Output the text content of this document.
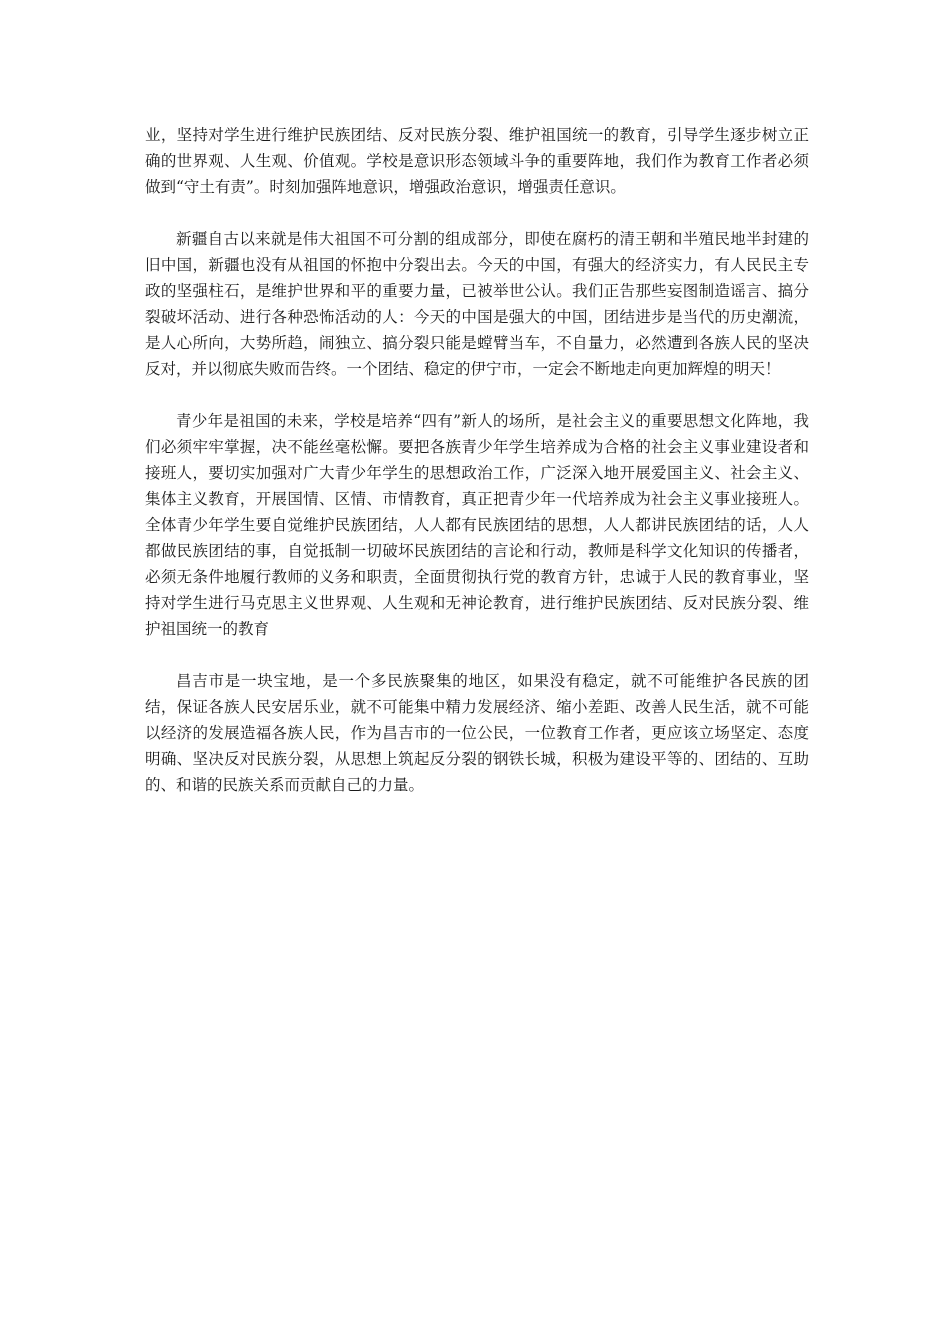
业，坚持对学生进行维护民族团结、反对民族分裂、维护祖国统一的教育，引导学生逐步树立正确的世界观、人生观、价值观。学校是意识形态领域斗争的重要阵地，我们作为教育工作者必须做到“守土有责”。时刻加强阵地意识，增强政治意识，增强责任意识。

新疆自古以来就是伟大祖国不可分割的组成部分，即使在腐朽的清王朝和半殖民地半封建的旧中国，新疆也没有从祖国的怀抱中分裂出去。今天的中国，有强大的经济实力，有人民民主专政的坚强柱石，是维护世界和平的重要力量，已被举世公认。我们正告那些妄图制造谣言、搞分裂破坏活动、进行各种恐怖活动的人：今天的中国是强大的中国，团结进步是当代的历史潮流，是人心所向，大势所趋，闹独立、搞分裂只能是螳臂当车，不自量力，必然遭到各族人民的坚决反对，并以彻底失败而告终。一个团结、稳定的伊宁市，一定会不断地走向更加辉煌的明天！

青少年是祖国的未来，学校是培养“四有”新人的场所，是社会主义的重要思想文化阵地，我们必须牢牢掌握，决不能丝毫松懈。要把各族青少年学生培养成为合格的社会主义事业建设者和接班人，要切实加强对广大青少年学生的思想政治工作，广泛深入地开展爱国主义、社会主义、集体主义教育，开展国情、区情、市情教育，真正把青少年一代培养成为社会主义事业接班人。全体青少年学生要自觉维护民族团结，人人都有民族团结的思想，人人都讲民族团结的话，人人都做民族团结的事，自觉抵制一切破坏民族团结的言论和行动，教师是科学文化知识的传播者，必须无条件地履行教师的义务和职责，全面贯彻执行党的教育方针，忠诚于人民的教育事业，坚持对学生进行马克思主义世界观、人生观和无神论教育，进行维护民族团结、反对民族分裂、维护祖国统一的教育

昌吉市是一块宝地，是一个多民族聚集的地区，如果没有稳定，就不可能维护各民族的团结，保证各族人民安居乐业，就不可能集中精力发展经济、缩小差距、改善人民生活，就不可能以经济的发展造福各族人民，作为昌吉市的一位公民，一位教育工作者，更应该立场坚定、态度明确、坚决反对民族分裂，从思想上筑起反分裂的钢铁长城，积极为建设平等的、团结的、互助的、和谐的民族关系而贡献自己的力量。
